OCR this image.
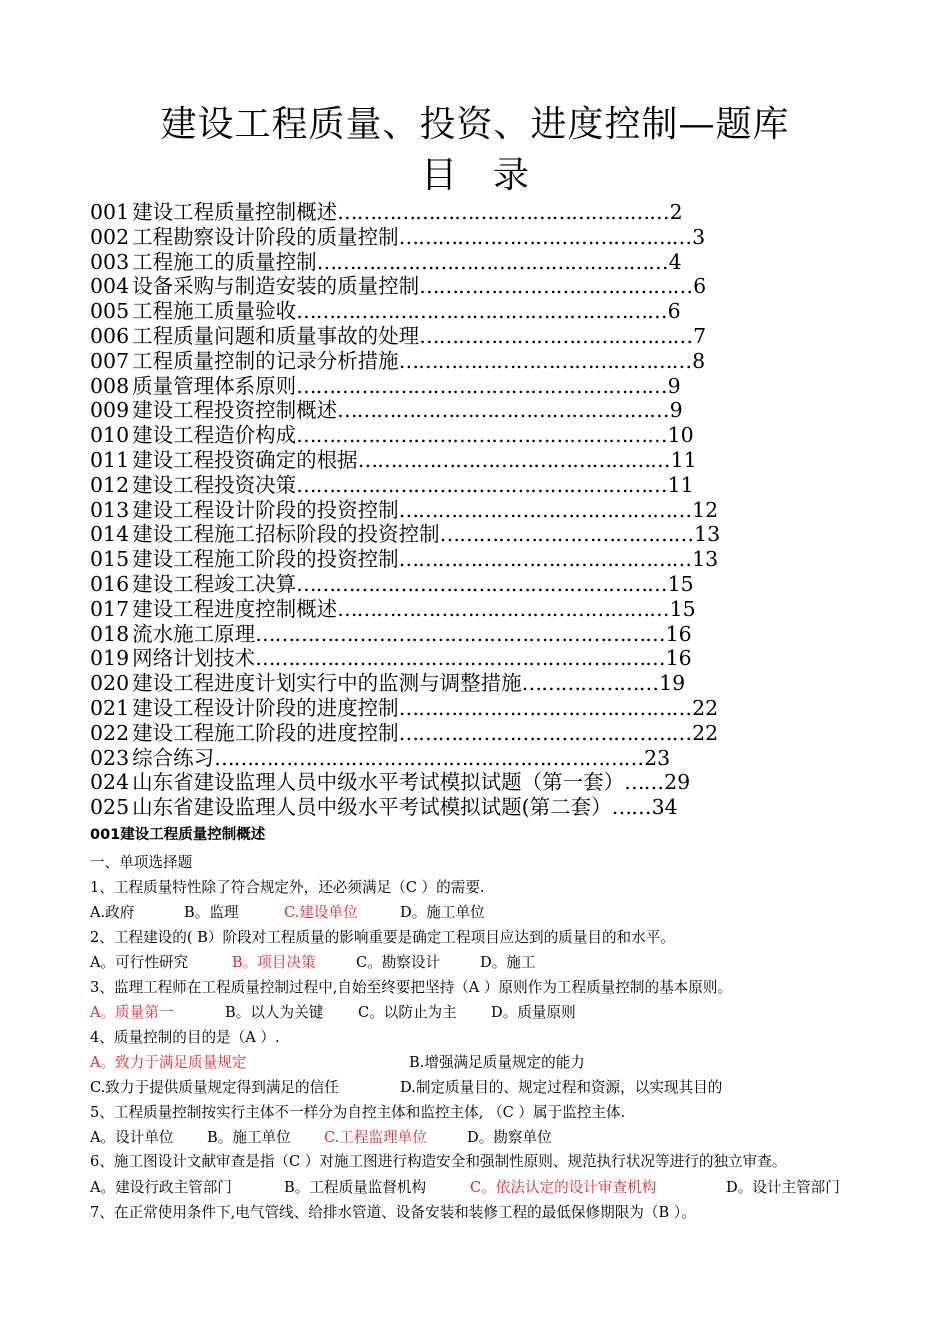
建设工程质量、投资、进度控制—题库
目　录
001 建设工程质量控制概述 …………………………………………… 2
002 工程勘察设计阶段的质量控制 ……………………………………… 3
003 工程施工的质量控制 ……………………………………………… 4
004 设备采购与制造安装的质量控制 …………………………………… 6
005 工程施工质量验收 ………………………………………………… 6
006 工程质量问题和质量事故的处理 …………………………………… 7
007 工程质量控制的记录分析措施 ……………………………………… 8
008 质量管理体系原则 ………………………………………………… 9
009 建设工程投资控制概述 …………………………………………… 9
010 建设工程造价构成 ………………………………………………… 10
011 建设工程投资确定的根据 ………………………………………… 11
012 建设工程投资决策 ………………………………………………… 11
013 建设工程设计阶段的投资控制 ……………………………………… 12
014 建设工程施工招标阶段的投资控制 ………………………………… 13
015 建设工程施工阶段的投资控制 ……………………………………… 13
016 建设工程竣工决算 ………………………………………………… 15
017 建设工程进度控制概述 …………………………………………… 15
018 流水施工原理 ……………………………………………………… 16
019 网络计划技术 ……………………………………………………… 16
020 建设工程进度计划实行中的监测与调整措施 ………………… 19
021 建设工程设计阶段的进度控制 ……………………………………… 22
022 建设工程施工阶段的进度控制 ……………………………………… 22
023 综合练习 ………………………………………………………… 23
024 山东省建设监理人员中级水平考试模拟试题（第一套） …… 29
025 山东省建设监理人员中级水平考试模拟试题(第二套） …… 34
001建设工程质量控制概述
一、单项选择题
1、工程质量特性除了符合规定外，还必须满足（C ）的需要.
A.政府	B。监理	C.建设单位	D。施工单位
2、工程建设的( B）阶段对工程质量的影响重要是确定工程项目应达到的质量目的和水平。
A。可行性研究	B。项目决策	C。勘察设计	D。施工
3、监理工程师在工程质量控制过程中,自始至终要把坚持（A ）原则作为工程质量控制的基本原则。
A。质量第一	B。以人为关键 C。以防止为主 D。质量原则
4、质量控制的目的是（A ）.
A。致力于满足质量规定	B.增强满足质量规定的能力
C.致力于提供质量规定得到满足的信任	D.制定质量目的、规定过程和资源，以实现其目的
5、工程质量控制按实行主体不一样分为自控主体和监控主体, （C ）属于监控主体.
A。设计单位 B。施工单位 C.工程监理单位	D。勘察单位
6、施工图设计文献审查是指（C ）对施工图进行构造安全和强制性原则、规范执行状况等进行的独立审查。
A。建设行政主管部门	B。工程质量监督机构	C。依法认定的设计审查机构	D。设计主管部门
7、在正常使用条件下,电气管线、给排水管道、设备安装和装修工程的最低保修期限为（B ）。
